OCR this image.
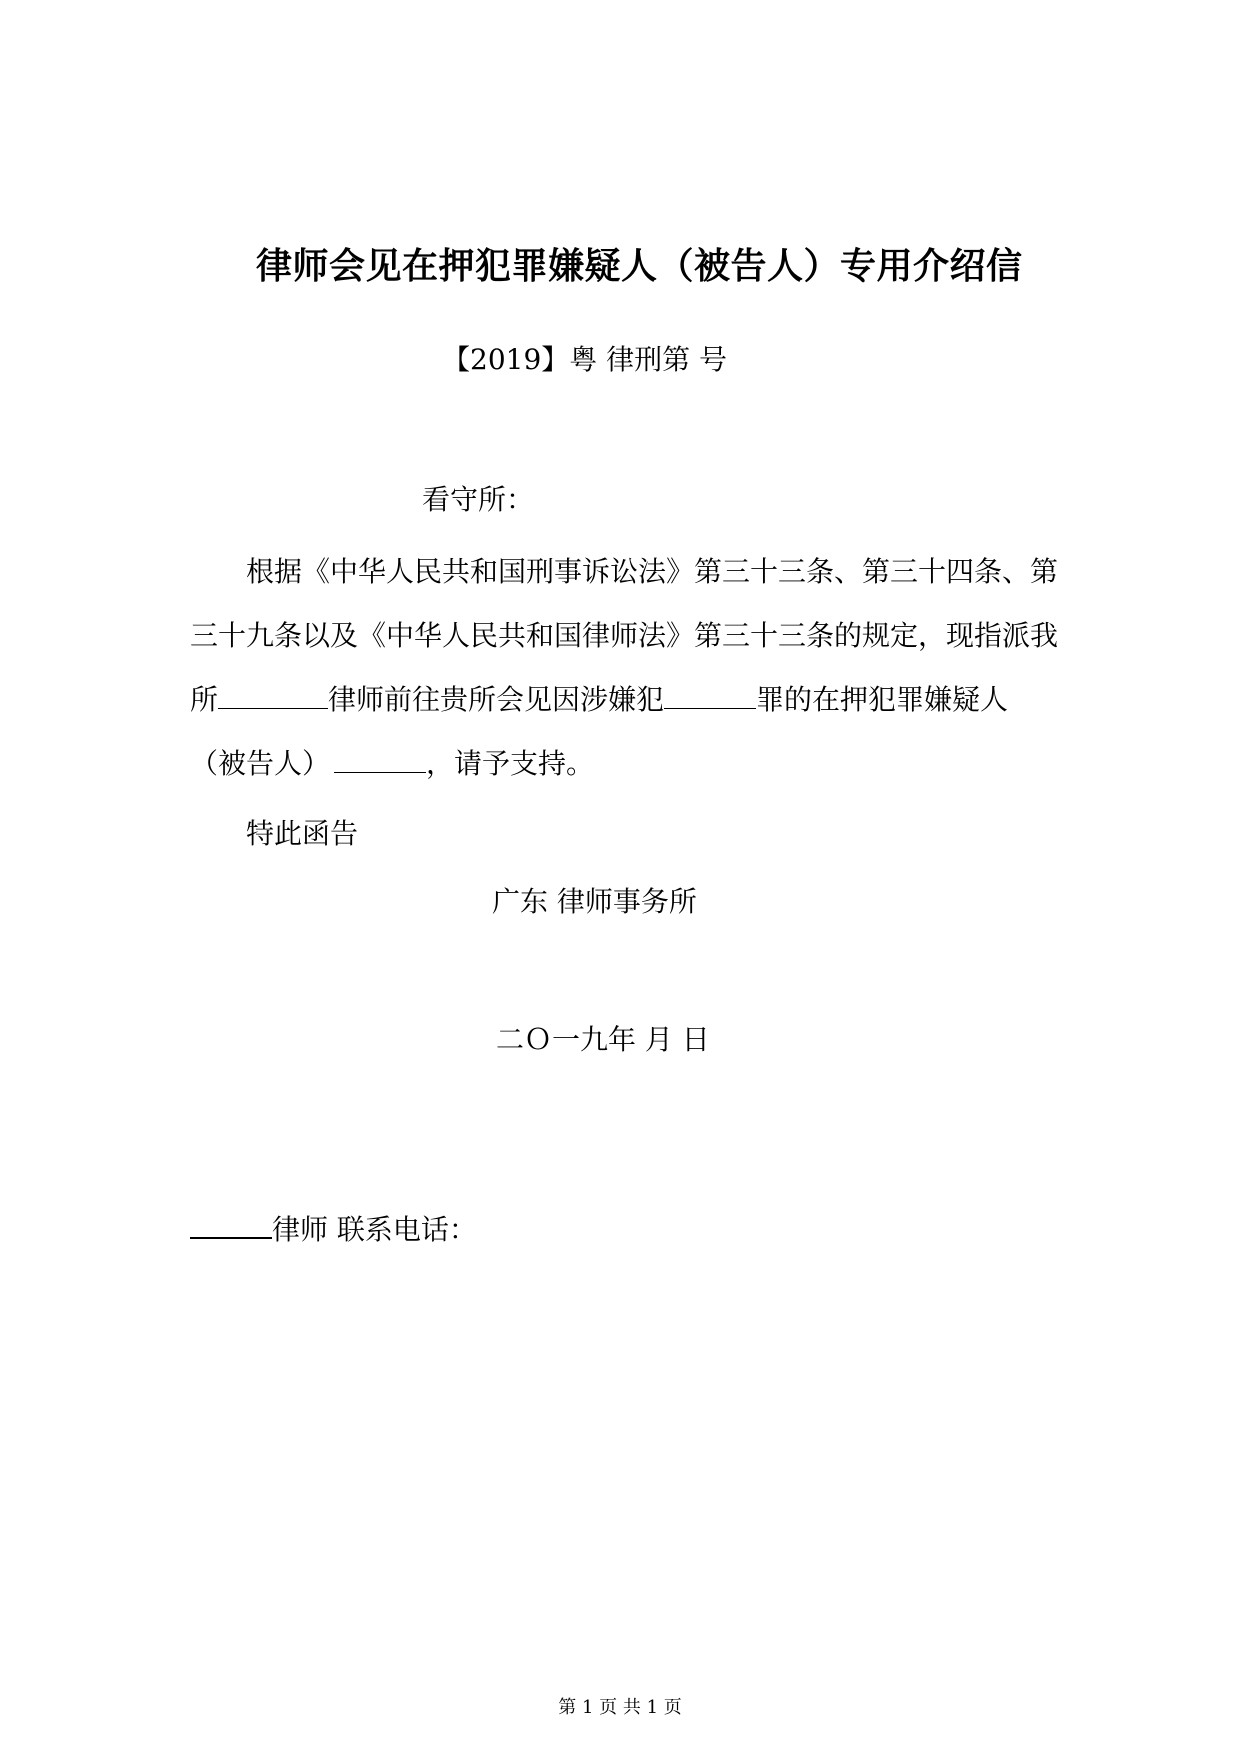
律师会见在押犯罪嫌疑人（被告人）专用介绍信
【2019】粤 律刑第 号
看守所：
根据《中华人民共和国刑事诉讼法》第三十三条、第三十四条、第
三十九条以及《中华人民共和国律师法》第三十三条的规定，现指派我
所	律师前往贵所会见因涉嫌犯	罪的在押犯罪嫌疑人
（被告人）	，请予支持。
特此函告
广东 律师事务所
二Ｏ一九年 月 日
律师 联系电话：
第 1 页 共 1 页
